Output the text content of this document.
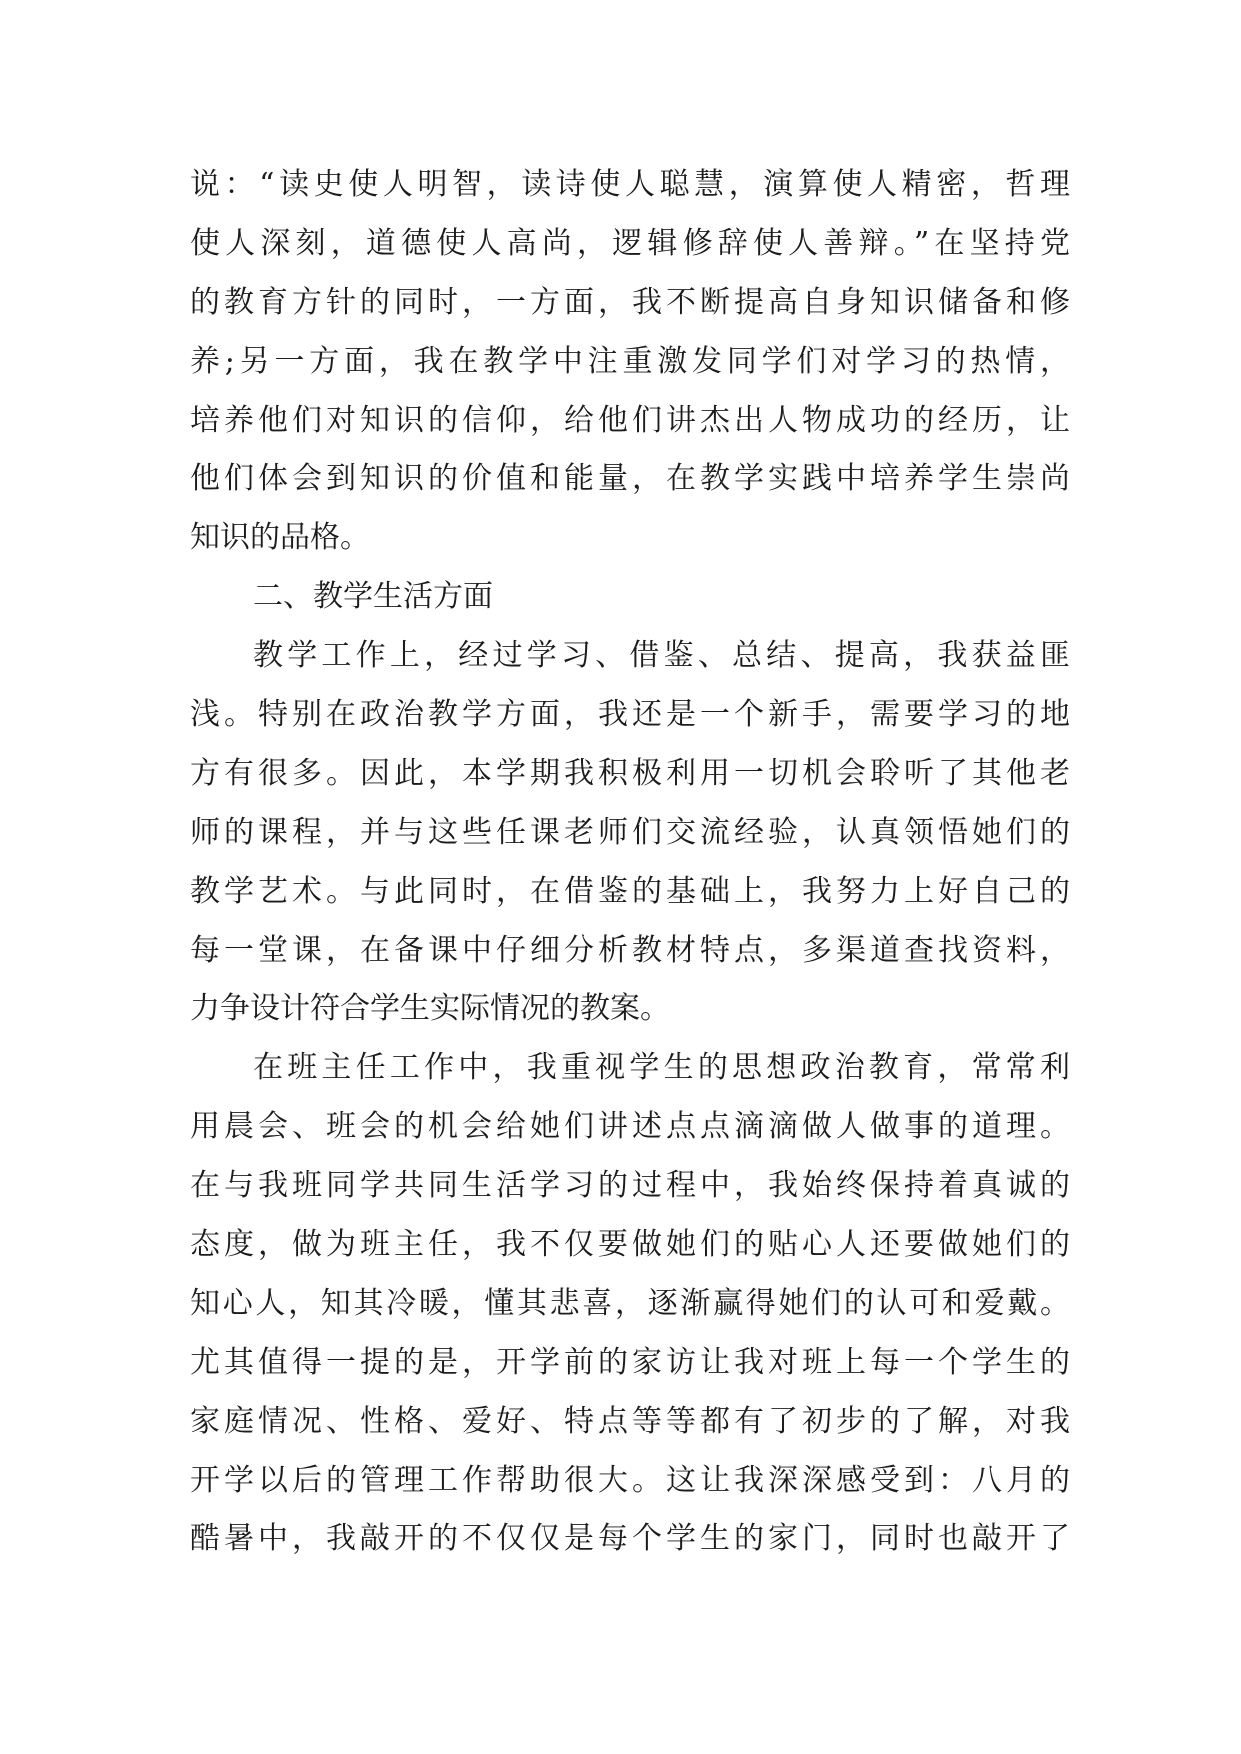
说：“读史使人明智，读诗使人聪慧，演算使人精密，哲理
使人深刻，道德使人高尚，逻辑修辞使人善辩。”在坚持党
的教育方针的同时，一方面，我不断提高自身知识储备和修
养;另一方面，我在教学中注重激发同学们对学习的热情，
培养他们对知识的信仰，给他们讲杰出人物成功的经历，让
他们体会到知识的价值和能量，在教学实践中培养学生崇尚
知识的品格。
二、教学生活方面
教学工作上，经过学习、借鉴、总结、提高，我获益匪
浅。特别在政治教学方面，我还是一个新手，需要学习的地
方有很多。因此，本学期我积极利用一切机会聆听了其他老
师的课程，并与这些任课老师们交流经验，认真领悟她们的
教学艺术。与此同时，在借鉴的基础上，我努力上好自己的
每一堂课，在备课中仔细分析教材特点，多渠道查找资料，
力争设计符合学生实际情况的教案。
在班主任工作中，我重视学生的思想政治教育，常常利
用晨会、班会的机会给她们讲述点点滴滴做人做事的道理。
在与我班同学共同生活学习的过程中，我始终保持着真诚的
态度，做为班主任，我不仅要做她们的贴心人还要做她们的
知心人，知其冷暖，懂其悲喜，逐渐赢得她们的认可和爱戴。
尤其值得一提的是，开学前的家访让我对班上每一个学生的
家庭情况、性格、爱好、特点等等都有了初步的了解，对我
开学以后的管理工作帮助很大。这让我深深感受到：八月的
酷暑中，我敲开的不仅仅是每个学生的家门，同时也敲开了
